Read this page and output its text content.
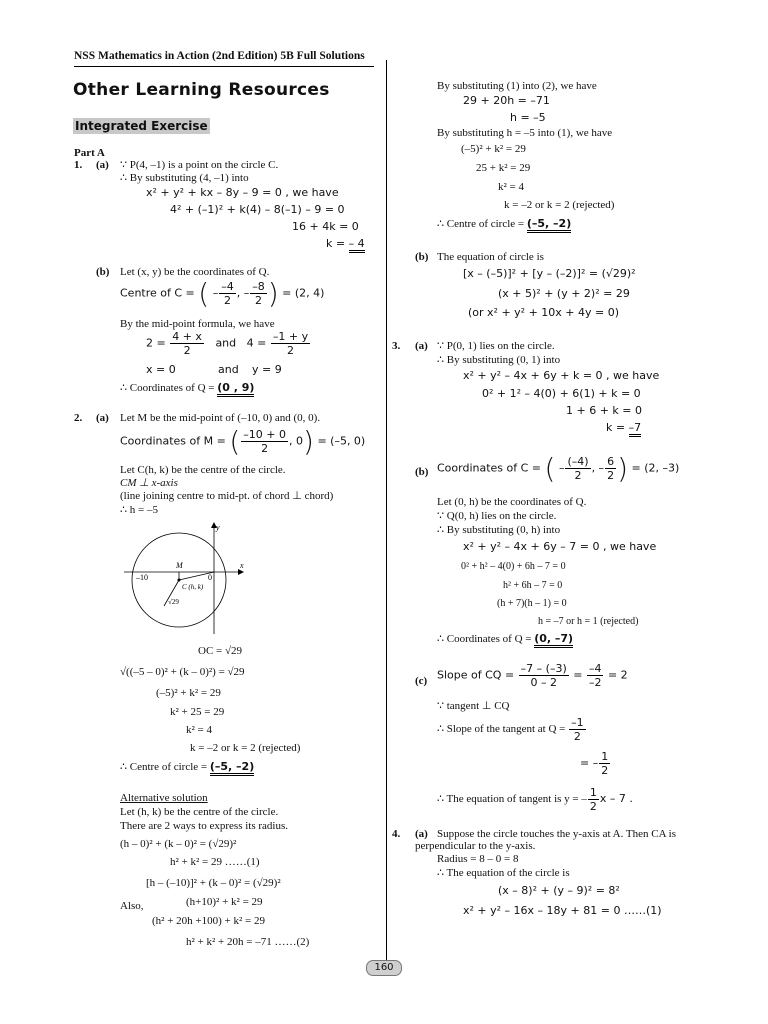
NSS Mathematics in Action (2nd Edition) 5B Full Solutions
Other Learning Resources
Integrated Exercise
Part A
1. (a) ∵ P(4, –1) is a point on the circle C.
∴ By substituting (4, –1) into
x² + y² + kx – 8y – 9 = 0 , we have
4² + (–1)² + k(4) – 8(–1) – 9 = 0
16 + 4k = 0
k = – 4
(b) Let (x, y) be the coordinates of Q.
Centre of C = ( – $\frac{-4}{2}$ , – $\frac{-8}{2}$ ) = (2, 4)
By the mid-point formula, we have
$2 = \frac{4 + x}{2}$ and $4 = \frac{-1 + y}{2}$
x = 0	and y = 9
∴ Coordinates of Q = (0 , 9)
2. (a) Let M be the mid-point of (–10, 0) and (0, 0).
Coordinates of M = ( $\frac{-10 + 0}{2}$ , 0) = (–5, 0)
Let C(h, k) be the centre of the circle.
CM ⊥ x-axis
(line joining centre to mid-pt. of chord ⊥ chord)
∴ h = –5
y
x
M
0
–10
C (h, k)
√29
OC = √29
√((–5 – 0)² + (k – 0)²) = √29
(–5)² + k² = 29
k² + 25 = 29
k² = 4
k = –2 or k = 2 (rejected)
∴ Centre of circle = (–5, –2)
Alternative solution
Let (h, k) be the centre of the circle.
There are 2 ways to express its radius.
(h – 0)² + (k – 0)² = (√29)²
h² + k² = 29 ……(1)
[h – (–10)]² + (k – 0)² = (√29)²
Also,	(h+10)² + k² = 29
(h² + 20h +100) + k² = 29
h² + k² + 20h = –71 ……(2)
By substituting (1) into (2), we have
29 + 20h = –71
h = –5
By substituting h = –5 into (1), we have
(–5)² + k² = 29
25 + k² = 29
k² = 4
k = –2 or k = 2 (rejected)
∴ Centre of circle = (–5, –2)
(b) The equation of circle is
[x – (–5)]² + [y – (–2)]² = (√29)²
(x + 5)² + (y + 2)² = 29
(or x² + y² + 10x + 4y = 0)
3. (a) ∵ P(0, 1) lies on the circle.
∴ By substituting (0, 1) into
x² + y² – 4x + 6y + k = 0 , we have
0² + 1² – 4(0) + 6(1) + k = 0
1 + 6 + k = 0
k = –7
(b) Coordinates of C = ( – $\frac{(-4)}{2}$ , – $\frac{6}{2}$ ) = (2, –3)
Let (0, h) be the coordinates of Q.
∵ Q(0, h) lies on the circle.
∴ By substituting (0, h) into
x² + y² – 4x + 6y – 7 = 0 , we have
0² + h² – 4(0) + 6h – 7 = 0
h² + 6h – 7 = 0
(h + 7)(h – 1) = 0
h = –7 or h = 1 (rejected)
∴ Coordinates of Q = (0, –7)
(c) Slope of CQ = $\frac{-7 - (-3)}{0 - 2} = \frac{-4}{-2} = 2$
∵ tangent ⊥ CQ
∴ Slope of the tangent at $Q = \frac{-1}{2}$
= – $\frac{1}{2}$
∴ The equation of tangent is y = – $\frac{1}{2}$ x – 7 .
4. (a) Suppose the circle touches the y-axis at A. Then CA is
perpendicular to the y-axis.
Radius = 8 – 0 = 8
∴ The equation of the circle is
(x – 8)² + (y – 9)² = 8²
x² + y² – 16x – 18y + 81 = 0 ……(1)
160
